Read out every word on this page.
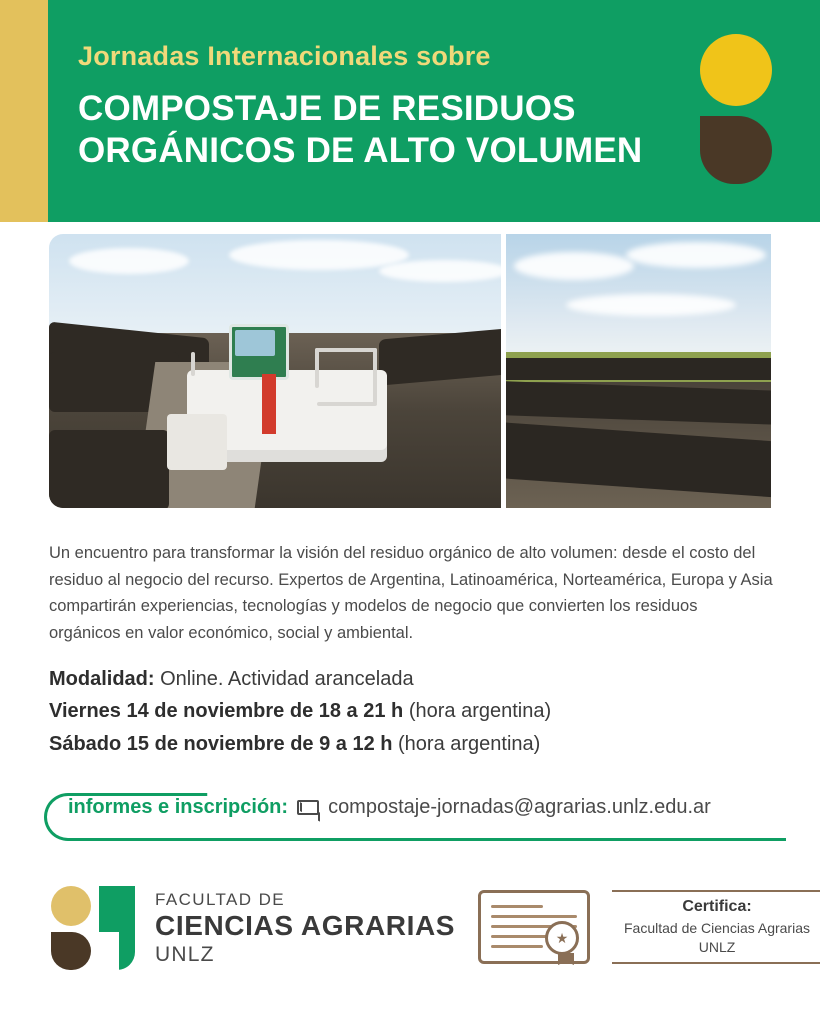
Jornadas Internacionales sobre
COMPOSTAJE DE RESIDUOS
ORGÁNICOS DE ALTO VOLUMEN
Un encuentro para transformar la visión del residuo orgánico de alto volumen: desde el costo del residuo al negocio del recurso. Expertos de Argentina, Latinoamérica, Norteamérica, Europa y Asia compartirán experiencias, tecnologías y modelos de negocio que convierten los residuos orgánicos en valor económico, social y ambiental.
Modalidad: Online. Actividad arancelada
Viernes 14 de noviembre de 18 a 21 h (hora argentina)
Sábado 15 de noviembre de 9 a 12 h (hora argentina)
informes e inscripción: compostaje-jornadas@agrarias.unlz.edu.ar
FACULTAD DE
CIENCIAS AGRARIAS
UNLZ
★
Certifica:
Facultad de Ciencias Agrarias
UNLZ
